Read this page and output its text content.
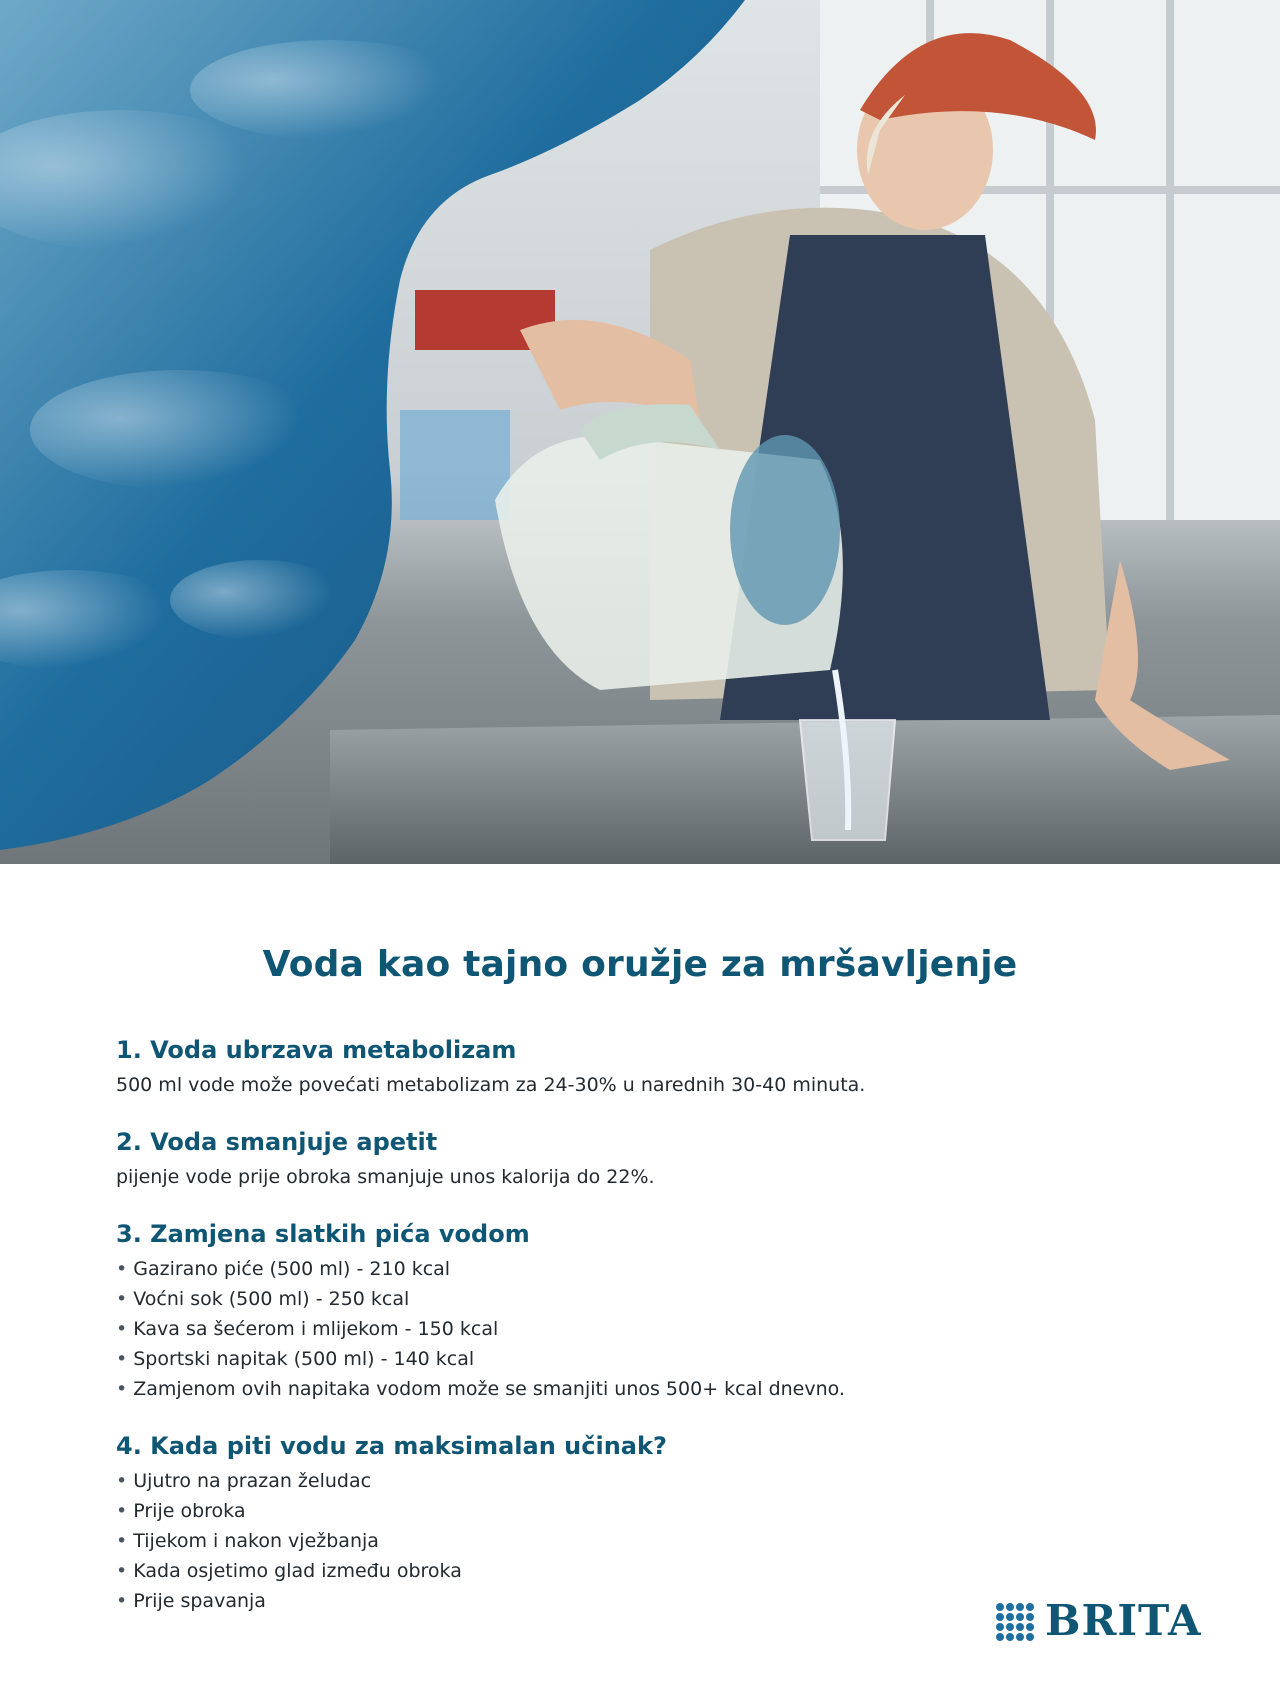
Voda kao tajno oružje za mršavljenje
1. Voda ubrzava metabolizam

500 ml vode može povećati metabolizam za 24-30% u narednih 30-40 minuta.

2. Voda smanjuje apetit

pijenje vode prije obroka smanjuje unos kalorija do 22%.

3. Zamjena slatkih pića vodom
• Gazirano piće (500 ml) - 210 kcal
• Voćni sok (500 ml) - 250 kcal
• Kava sa šećerom i mlijekom - 150 kcal
• Sportski napitak (500 ml) - 140 kcal
• Zamjenom ovih napitaka vodom može se smanjiti unos 500+ kcal dnevno.
4. Kada piti vodu za maksimalan učinak?
• Ujutro na prazan želudac
• Prije obroka
• Tijekom i nakon vježbanja
• Kada osjetimo glad između obroka
• Prije spavanja	BRITA
